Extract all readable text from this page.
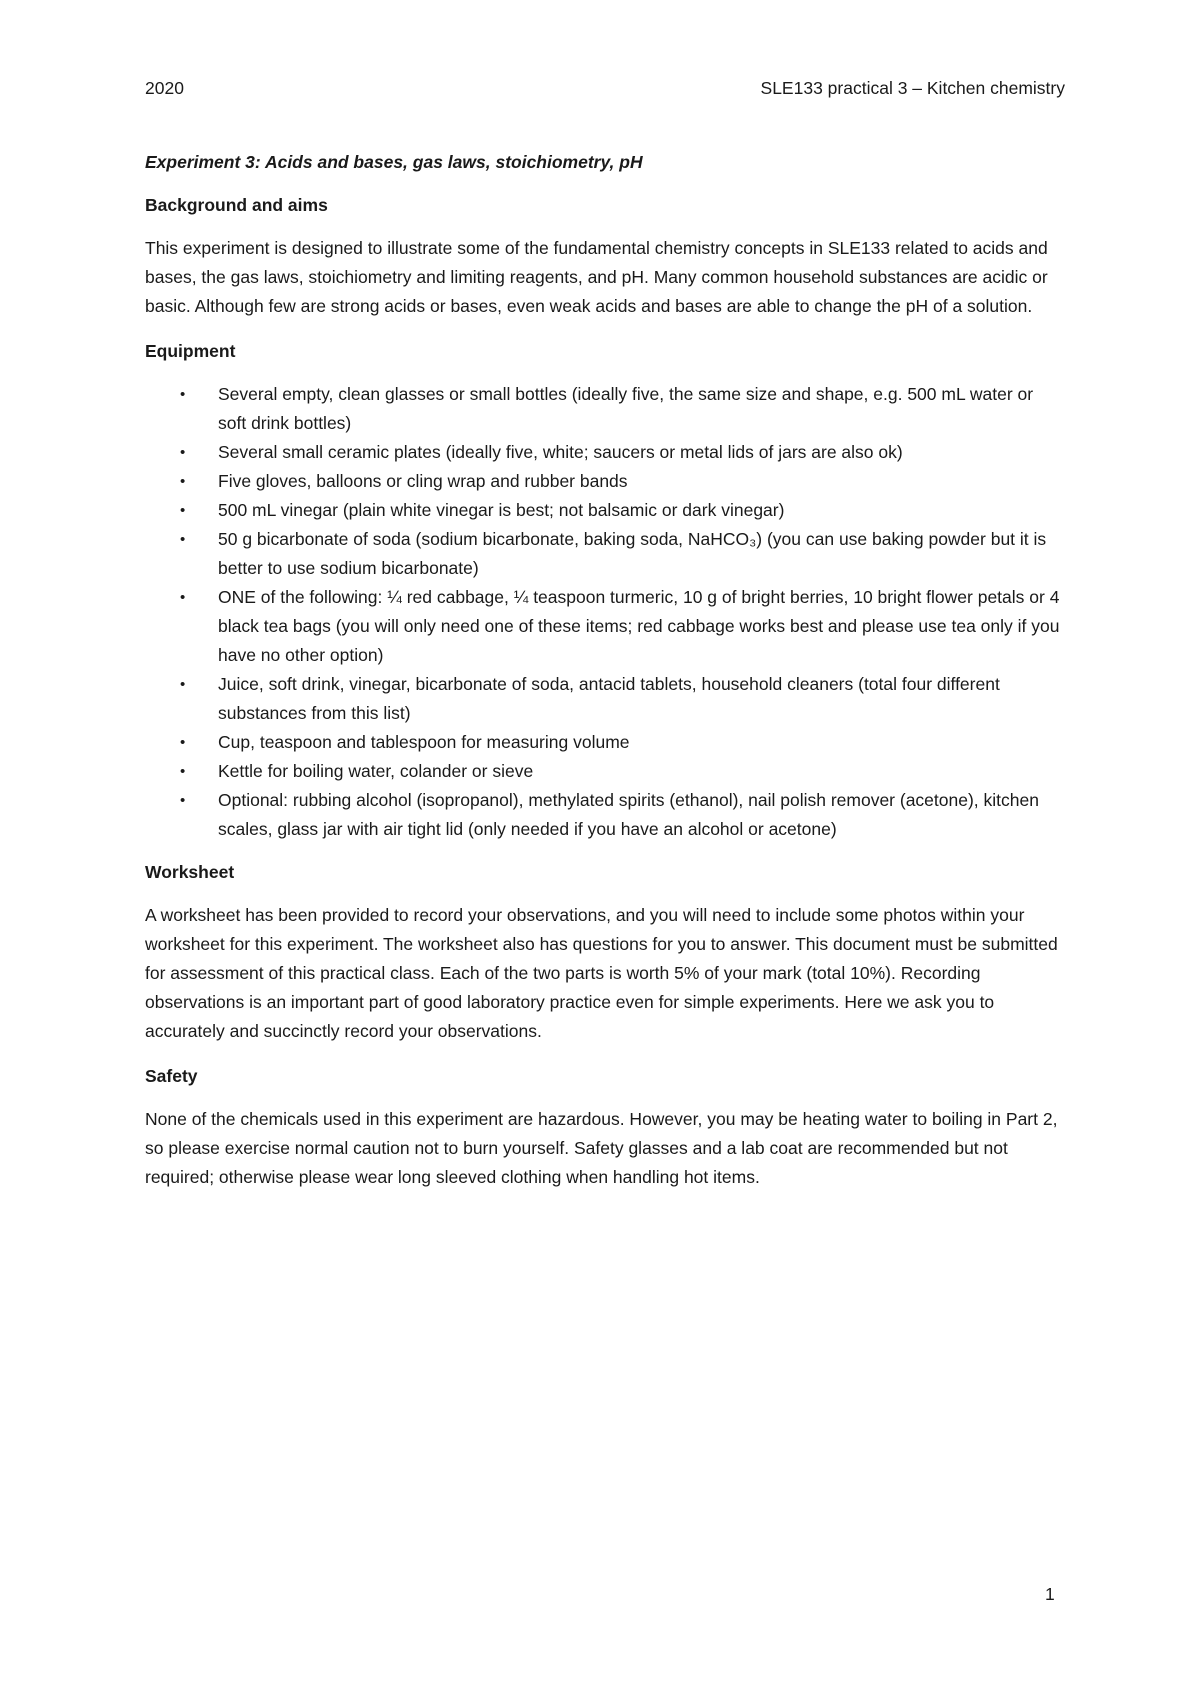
2020	SLE133 practical 3 – Kitchen chemistry
Experiment 3: Acids and bases, gas laws, stoichiometry, pH
Background and aims

This experiment is designed to illustrate some of the fundamental chemistry concepts in SLE133 related to acids and bases, the gas laws, stoichiometry and limiting reagents, and pH. Many common household substances are acidic or basic. Although few are strong acids or bases, even weak acids and bases are able to change the pH of a solution.

Equipment
• Several empty, clean glasses or small bottles (ideally five, the same size and shape, e.g. 500 mL water or soft drink bottles)
• Several small ceramic plates (ideally five, white; saucers or metal lids of jars are also ok)
• Five gloves, balloons or cling wrap and rubber bands
• 500 mL vinegar (plain white vinegar is best; not balsamic or dark vinegar)
• 50 g bicarbonate of soda (sodium bicarbonate, baking soda, NaHCO₃) (you can use baking powder but it is better to use sodium bicarbonate)
• ONE of the following: ¼ red cabbage, ¼ teaspoon turmeric, 10 g of bright berries, 10 bright flower petals or 4 black tea bags (you will only need one of these items; red cabbage works best and please use tea only if you have no other option)
• Juice, soft drink, vinegar, bicarbonate of soda, antacid tablets, household cleaners (total four different substances from this list)
• Cup, teaspoon and tablespoon for measuring volume
• Kettle for boiling water, colander or sieve
• Optional: rubbing alcohol (isopropanol), methylated spirits (ethanol), nail polish remover (acetone), kitchen scales, glass jar with air tight lid (only needed if you have an alcohol or acetone)
Worksheet

A worksheet has been provided to record your observations, and you will need to include some photos within your worksheet for this experiment. The worksheet also has questions for you to answer. This document must be submitted for assessment of this practical class. Each of the two parts is worth 5% of your mark (total 10%). Recording observations is an important part of good laboratory practice even for simple experiments. Here we ask you to accurately and succinctly record your observations.

Safety

None of the chemicals used in this experiment are hazardous. However, you may be heating water to boiling in Part 2, so please exercise normal caution not to burn yourself. Safety glasses and a lab coat are recommended but not required; otherwise please wear long sleeved clothing when handling hot items.

1
